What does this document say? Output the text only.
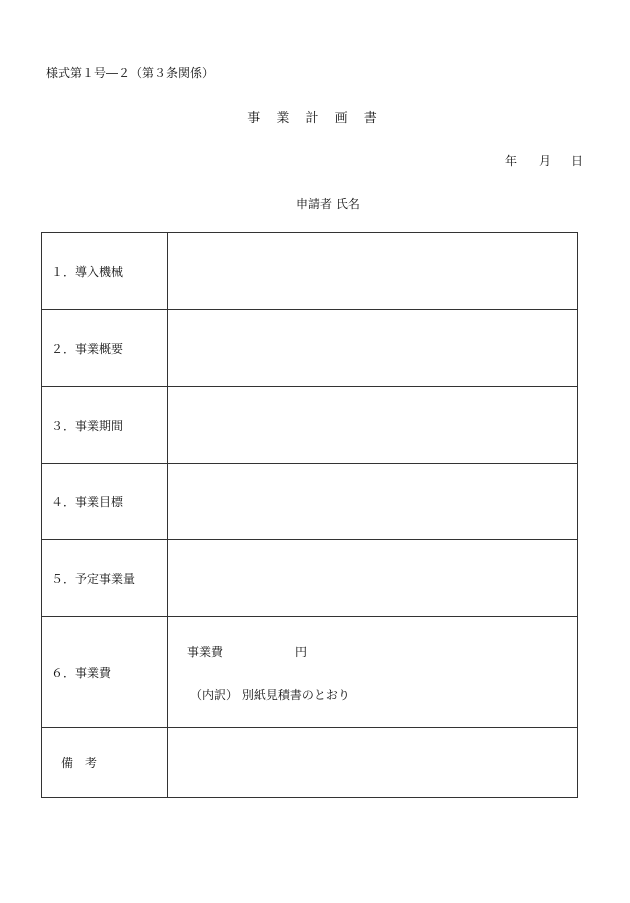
様式第１号―２（第３条関係）
事 業 計 画 書
年	月	日
申請者 氏名
１．導入機械	
２．事業概要	
３．事業期間	
４．事業目標	
５．予定事業量	
６．事業費	事業費 円
（内訳） 別紙見積書のとおり

備　考	
